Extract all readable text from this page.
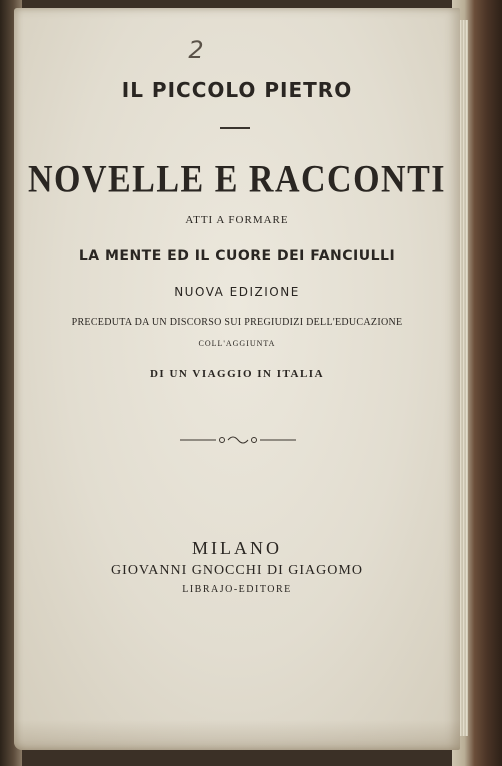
2

IL PICCOLO PIETRO

NOVELLE E RACCONTI

ATTI A FORMARE

LA MENTE ED IL CUORE DEI FANCIULLI

NUOVA EDIZIONE

PRECEDUTA DA UN DISCORSO SUI PREGIUDIZI DELL'EDUCAZIONE

COLL'AGGIUNTA

DI UN VIAGGIO IN ITALIA

MILANO

GIOVANNI GNOCCHI DI GIAGOMO

LIBRAJO-EDITORE
